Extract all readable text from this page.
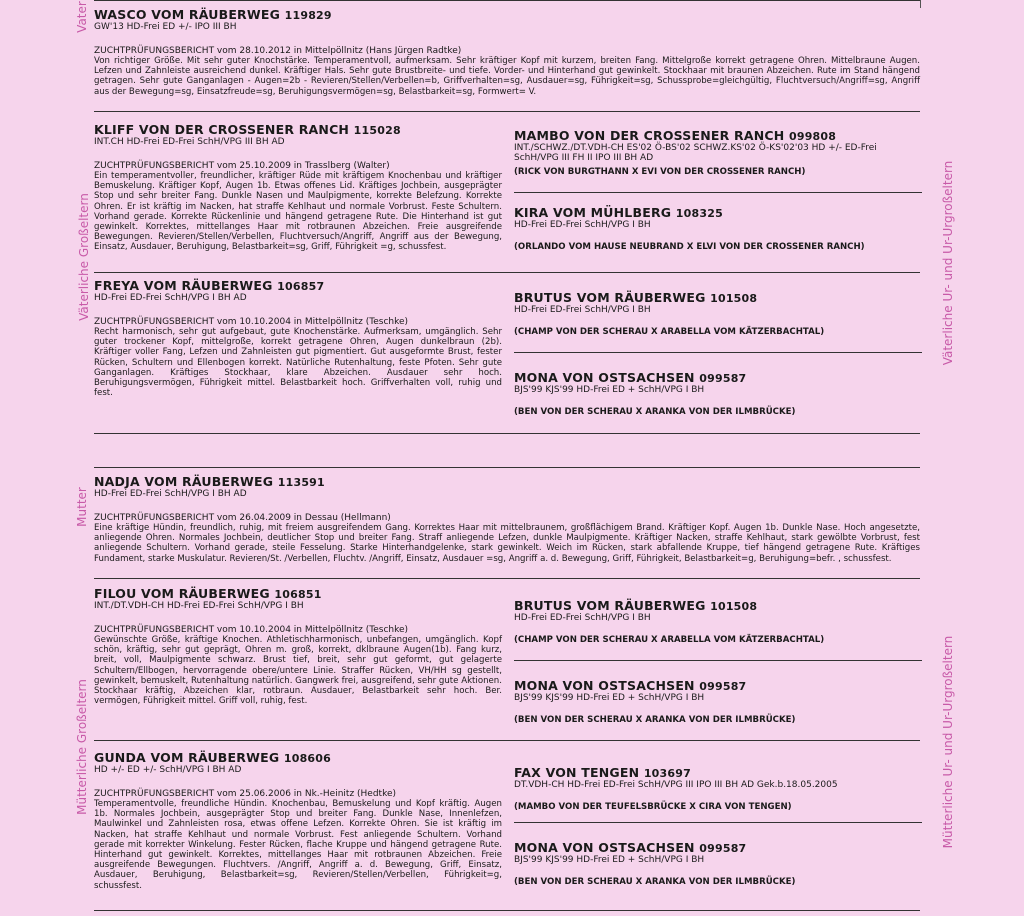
Vater
Väterliche Großeltern
Mutter
Mütterliche Großeltern
Väterliche Ur- und Ur-Urgroßeltern
Mütterliche Ur- und Ur-Urgroßeltern
WASCO VOM RÄUBERWEG 119829
GW'13 HD-Frei ED +/- IPO III BH
ZUCHTPRÜFUNGSBERICHT vom 28.10.2012 in Mittelpöllnitz (Hans Jürgen Radtke)
Von richtiger Größe. Mit sehr guter Knochstärke. Temperamentvoll, aufmerksam. Sehr kräftiger Kopf mit kurzem, breiten Fang. Mittelgroße korrekt getragene Ohren. Mittelbraune Augen. Lefzen und Zahnleiste ausreichend dunkel. Kräftiger Hals. Sehr gute Brustbreite- und tiefe. Vorder- und Hinterhand gut gewinkelt. Stockhaar mit braunen Abzeichen. Rute im Stand hängend getragen. Sehr gute Ganganlagen - Augen=2b - Revieren/Stellen/Verbellen=b, Griffverhalten=sg, Ausdauer=sg, Führigkeit=sg, Schussprobe=gleichgültig, Fluchtversuch/Angriff=sg, Angriff aus der Bewegung=sg, Einsatzfreude=sg, Beruhigungsvermögen=sg, Belastbarkeit=sg, Formwert= V.
KLIFF VON DER CROSSENER RANCH 115028
INT.CH HD-Frei ED-Frei SchH/VPG III BH AD
ZUCHTPRÜFUNGSBERICHT vom 25.10.2009 in Trasslberg (Walter)
Ein temperamentvoller, freundlicher, kräftiger Rüde mit kräftigem Knochenbau und kräftiger Bemuskelung. Kräftiger Kopf, Augen 1b. Etwas offenes Lid. Kräftiges Jochbein, ausgeprägter Stop und sehr breiter Fang. Dunkle Nasen und Maulpigmente, korrekte Belefzung. Korrekte Ohren. Er ist kräftig im Nacken, hat straffe Kehlhaut und normale Vorbrust. Feste Schultern. Vorhand gerade. Korrekte Rückenlinie und hängend getragene Rute. Die Hinterhand ist gut gewinkelt. Korrektes, mittellanges Haar mit rotbraunen Abzeichen. Freie ausgreifende Bewegungen. Revieren/Stellen/Verbellen, Fluchtversuch/Angriff, Angriff aus der Bewegung, Einsatz, Ausdauer, Beruhigung, Belastbarkeit=sg, Griff, Führigkeit =g, schussfest.
MAMBO VON DER CROSSENER RANCH 099808
INT./SCHWZ./DT.VDH-CH ES'02 Ö-BS'02 SCHWZ.KS'02 Ö-KS'02'03 HD +/- ED-Frei SchH/VPG III FH II IPO III BH AD
(RICK VON BURGTHANN X EVI VON DER CROSSENER RANCH)
KIRA VOM MÜHLBERG 108325
HD-Frei ED-Frei SchH/VPG I BH
(ORLANDO VOM HAUSE NEUBRAND X ELVI VON DER CROSSENER RANCH)
FREYA VOM RÄUBERWEG 106857
HD-Frei ED-Frei SchH/VPG I BH AD
ZUCHTPRÜFUNGSBERICHT vom 10.10.2004 in Mittelpöllnitz (Teschke)
Recht harmonisch, sehr gut aufgebaut, gute Knochenstärke. Aufmerksam, umgänglich. Sehr guter trockener Kopf, mittelgroße, korrekt getragene Ohren, Augen dunkelbraun (2b). Kräftiger voller Fang, Lefzen und Zahnleisten gut pigmentiert. Gut ausgeformte Brust, fester Rücken, Schultern und Ellenbogen korrekt. Natürliche Rutenhaltung, feste Pfoten. Sehr gute Ganganlagen. Kräftiges Stockhaar, klare Abzeichen. Ausdauer sehr hoch. Beruhigungsvermögen, Führigkeit mittel. Belastbarkeit hoch. Griffverhalten voll, ruhig und fest.
BRUTUS VOM RÄUBERWEG 101508
HD-Frei ED-Frei SchH/VPG I BH
(CHAMP VON DER SCHERAU X ARABELLA VOM KÄTZERBACHTAL)
MONA VON OSTSACHSEN 099587
BJS'99 KJS'99 HD-Frei ED + SchH/VPG I BH
(BEN VON DER SCHERAU X ARANKA VON DER ILMBRÜCKE)
NADJA VOM RÄUBERWEG 113591
HD-Frei ED-Frei SchH/VPG I BH AD
ZUCHTPRÜFUNGSBERICHT vom 26.04.2009 in Dessau (Hellmann)
Eine kräftige Hündin, freundlich, ruhig, mit freiem ausgreifendem Gang. Korrektes Haar mit mittelbraunem, großflächigem Brand. Kräftiger Kopf. Augen 1b. Dunkle Nase. Hoch angesetzte, anliegende Ohren. Normales Jochbein, deutlicher Stop und breiter Fang. Straff anliegende Lefzen, dunkle Maulpigmente. Kräftiger Nacken, straffe Kehlhaut, stark gewölbte Vorbrust, fest anliegende Schultern. Vorhand gerade, steile Fesselung. Starke Hinterhandgelenke, stark gewinkelt. Weich im Rücken, stark abfallende Kruppe, tief hängend getragene Rute. Kräftiges Fundament, starke Muskulatur. Revieren/St. /Verbellen, Fluchtv. /Angriff, Einsatz, Ausdauer =sg, Angriff a. d. Bewegung, Griff, Führigkeit, Belastbarkeit=g, Beruhigung=befr. , schussfest.
FILOU VOM RÄUBERWEG 106851
INT./DT.VDH-CH HD-Frei ED-Frei SchH/VPG I BH
ZUCHTPRÜFUNGSBERICHT vom 10.10.2004 in Mittelpöllnitz (Teschke)
Gewünschte Größe, kräftige Knochen. Athletischharmonisch, unbefangen, umgänglich. Kopf schön, kräftig, sehr gut geprägt, Ohren m. groß, korrekt, dklbraune Augen(1b). Fang kurz, breit, voll, Maulpigmente schwarz. Brust tief, breit, sehr gut geformt, gut gelagerte Schultern/Ellbogen, hervorragende obere/untere Linie. Straffer Rücken, VH/HH sg gestellt, gewinkelt, bemuskelt, Rutenhaltung natürlich. Gangwerk frei, ausgreifend, sehr gute Aktionen. Stockhaar kräftig, Abzeichen klar, rotbraun. Ausdauer, Belastbarkeit sehr hoch. Ber. vermögen, Führigkeit mittel. Griff voll, ruhig, fest.
BRUTUS VOM RÄUBERWEG 101508
HD-Frei ED-Frei SchH/VPG I BH
(CHAMP VON DER SCHERAU X ARABELLA VOM KÄTZERBACHTAL)
MONA VON OSTSACHSEN 099587
BJS'99 KJS'99 HD-Frei ED + SchH/VPG I BH
(BEN VON DER SCHERAU X ARANKA VON DER ILMBRÜCKE)
GUNDA VOM RÄUBERWEG 108606
HD +/- ED +/- SchH/VPG I BH AD
ZUCHTPRÜFUNGSBERICHT vom 25.06.2006 in Nk.-Heinitz (Hedtke)
Temperamentvolle, freundliche Hündin. Knochenbau, Bemuskelung und Kopf kräftig. Augen 1b. Normales Jochbein, ausgeprägter Stop und breiter Fang. Dunkle Nase, Innenlefzen, Maulwinkel und Zahnleisten rosa, etwas offene Lefzen. Korrekte Ohren. Sie ist kräftig im Nacken, hat straffe Kehlhaut und normale Vorbrust. Fest anliegende Schultern. Vorhand gerade mit korrekter Winkelung. Fester Rücken, flache Kruppe und hängend getragene Rute. Hinterhand gut gewinkelt. Korrektes, mittellanges Haar mit rotbraunen Abzeichen. Freie ausgreifende Bewegungen. Fluchtvers. /Angriff, Angriff a. d. Bewegung, Griff, Einsatz, Ausdauer, Beruhigung, Belastbarkeit=sg, Revieren/Stellen/Verbellen, Führigkeit=g, schussfest.
FAX VON TENGEN 103697
DT.VDH-CH HD-Frei ED-Frei SchH/VPG III IPO III BH AD Gek.b.18.05.2005
(MAMBO VON DER TEUFELSBRÜCKE X CIRA VON TENGEN)
MONA VON OSTSACHSEN 099587
BJS'99 KJS'99 HD-Frei ED + SchH/VPG I BH
(BEN VON DER SCHERAU X ARANKA VON DER ILMBRÜCKE)
